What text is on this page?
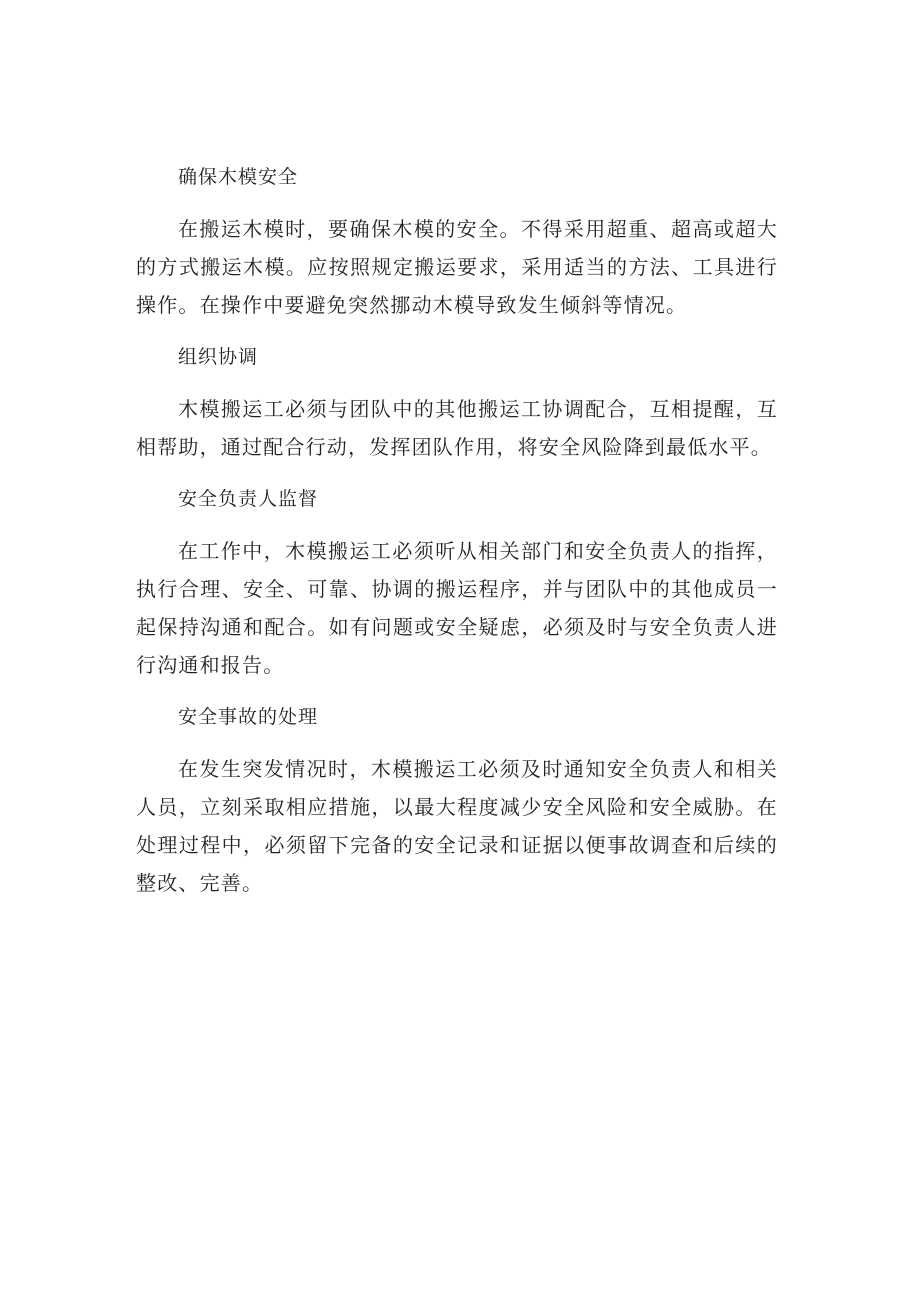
确保木模安全

在搬运木模时，要确保木模的安全。不得采用超重、超高或超大的方式搬运木模。应按照规定搬运要求，采用适当的方法、工具进行操作。在操作中要避免突然挪动木模导致发生倾斜等情况。

组织协调

木模搬运工必须与团队中的其他搬运工协调配合，互相提醒，互相帮助，通过配合行动，发挥团队作用，将安全风险降到最低水平。

安全负责人监督

在工作中，木模搬运工必须听从相关部门和安全负责人的指挥，执行合理、安全、可靠、协调的搬运程序，并与团队中的其他成员一起保持沟通和配合。如有问题或安全疑虑，必须及时与安全负责人进行沟通和报告。

安全事故的处理

在发生突发情况时，木模搬运工必须及时通知安全负责人和相关人员，立刻采取相应措施，以最大程度减少安全风险和安全威胁。在处理过程中，必须留下完备的安全记录和证据以便事故调查和后续的整改、完善。
